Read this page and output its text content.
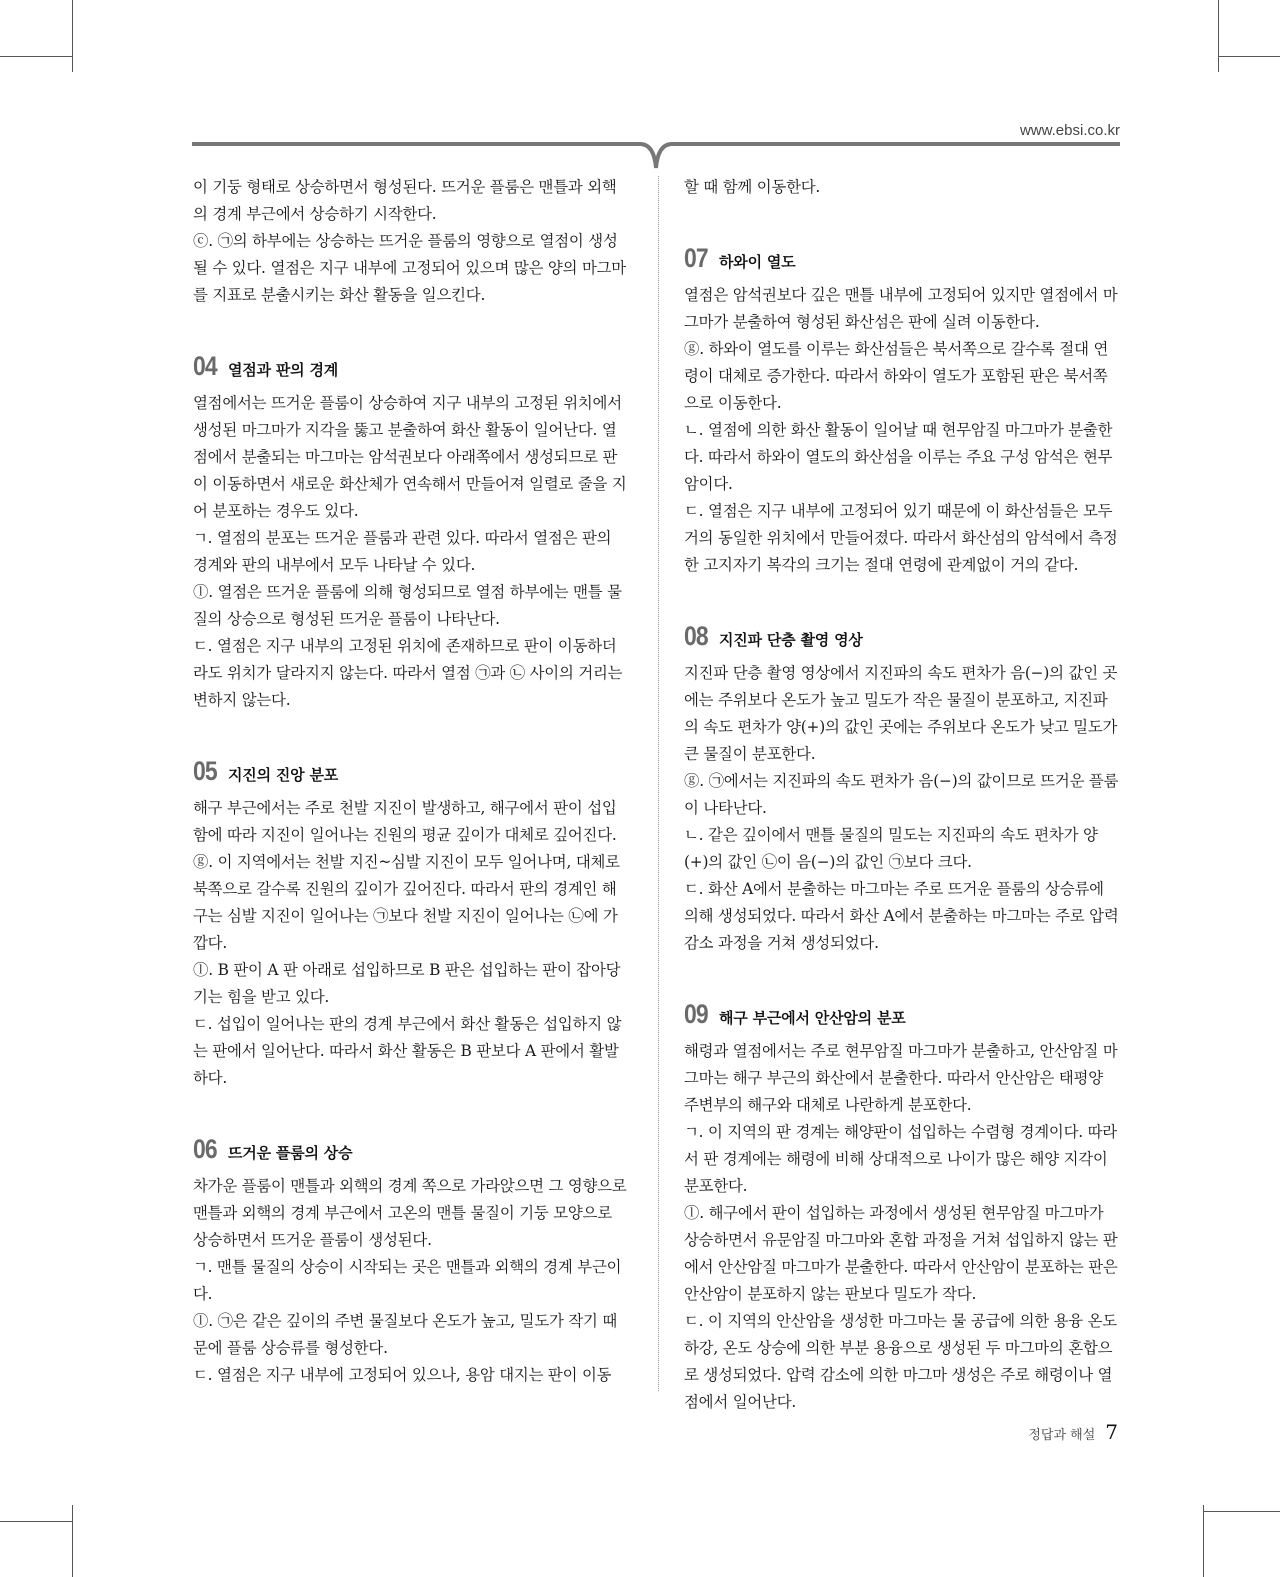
www.ebsi.co.kr

이 기둥 형태로 상승하면서 형성된다. 뜨거운 플룸은 맨틀과 외핵의 경계 부근에서 상승하기 시작한다.

ⓒ. ㉠의 하부에는 상승하는 뜨거운 플룸의 영향으로 열점이 생성될 수 있다. 열점은 지구 내부에 고정되어 있으며 많은 양의 마그마를 지표로 분출시키는 화산 활동을 일으킨다.

04 열점과 판의 경계

열점에서는 뜨거운 플룸이 상승하여 지구 내부의 고정된 위치에서 생성된 마그마가 지각을 뚫고 분출하여 화산 활동이 일어난다. 열점에서 분출되는 마그마는 암석권보다 아래쪽에서 생성되므로 판이 이동하면서 새로운 화산체가 연속해서 만들어져 일렬로 줄을 지어 분포하는 경우도 있다.

ㄱ. 열점의 분포는 뜨거운 플룸과 관련 있다. 따라서 열점은 판의 경계와 판의 내부에서 모두 나타날 수 있다.

ⓛ. 열점은 뜨거운 플룸에 의해 형성되므로 열점 하부에는 맨틀 물질의 상승으로 형성된 뜨거운 플룸이 나타난다.

ㄷ. 열점은 지구 내부의 고정된 위치에 존재하므로 판이 이동하더라도 위치가 달라지지 않는다. 따라서 열점 ㉠과 ㉡ 사이의 거리는 변하지 않는다.

05 지진의 진앙 분포

해구 부근에서는 주로 천발 지진이 발생하고, 해구에서 판이 섭입함에 따라 지진이 일어나는 진원의 평균 깊이가 대체로 깊어진다.

ⓖ. 이 지역에서는 천발 지진~심발 지진이 모두 일어나며, 대체로 북쪽으로 갈수록 진원의 깊이가 깊어진다. 따라서 판의 경계인 해구는 심발 지진이 일어나는 ㉠보다 천발 지진이 일어나는 ㉡에 가깝다.

ⓛ. B 판이 A 판 아래로 섭입하므로 B 판은 섭입하는 판이 잡아당기는 힘을 받고 있다.

ㄷ. 섭입이 일어나는 판의 경계 부근에서 화산 활동은 섭입하지 않는 판에서 일어난다. 따라서 화산 활동은 B 판보다 A 판에서 활발하다.

06 뜨거운 플룸의 상승

차가운 플룸이 맨틀과 외핵의 경계 쪽으로 가라앉으면 그 영향으로 맨틀과 외핵의 경계 부근에서 고온의 맨틀 물질이 기둥 모양으로 상승하면서 뜨거운 플룸이 생성된다.

ㄱ. 맨틀 물질의 상승이 시작되는 곳은 맨틀과 외핵의 경계 부근이다.

ⓛ. ㉠은 같은 깊이의 주변 물질보다 온도가 높고, 밀도가 작기 때문에 플룸 상승류를 형성한다.

ㄷ. 열점은 지구 내부에 고정되어 있으나, 용암 대지는 판이 이동

할 때 함께 이동한다.

07 하와이 열도

열점은 암석권보다 깊은 맨틀 내부에 고정되어 있지만 열점에서 마그마가 분출하여 형성된 화산섬은 판에 실려 이동한다.

ⓖ. 하와이 열도를 이루는 화산섬들은 북서쪽으로 갈수록 절대 연령이 대체로 증가한다. 따라서 하와이 열도가 포함된 판은 북서쪽으로 이동한다.

ㄴ. 열점에 의한 화산 활동이 일어날 때 현무암질 마그마가 분출한다. 따라서 하와이 열도의 화산섬을 이루는 주요 구성 암석은 현무암이다.

ㄷ. 열점은 지구 내부에 고정되어 있기 때문에 이 화산섬들은 모두 거의 동일한 위치에서 만들어졌다. 따라서 화산섬의 암석에서 측정한 고지자기 복각의 크기는 절대 연령에 관계없이 거의 같다.

08 지진파 단층 촬영 영상

지진파 단층 촬영 영상에서 지진파의 속도 편차가 음(−)의 값인 곳에는 주위보다 온도가 높고 밀도가 작은 물질이 분포하고, 지진파의 속도 편차가 양(+)의 값인 곳에는 주위보다 온도가 낮고 밀도가 큰 물질이 분포한다.

ⓖ. ㉠에서는 지진파의 속도 편차가 음(−)의 값이므로 뜨거운 플룸이 나타난다.

ㄴ. 같은 깊이에서 맨틀 물질의 밀도는 지진파의 속도 편차가 양(+)의 값인 ㉡이 음(−)의 값인 ㉠보다 크다.

ㄷ. 화산 A에서 분출하는 마그마는 주로 뜨거운 플룸의 상승류에 의해 생성되었다. 따라서 화산 A에서 분출하는 마그마는 주로 압력 감소 과정을 거쳐 생성되었다.

09 해구 부근에서 안산암의 분포

해령과 열점에서는 주로 현무암질 마그마가 분출하고, 안산암질 마그마는 해구 부근의 화산에서 분출한다. 따라서 안산암은 태평양 주변부의 해구와 대체로 나란하게 분포한다.

ㄱ. 이 지역의 판 경계는 해양판이 섭입하는 수렴형 경계이다. 따라서 판 경계에는 해령에 비해 상대적으로 나이가 많은 해양 지각이 분포한다.

ⓛ. 해구에서 판이 섭입하는 과정에서 생성된 현무암질 마그마가 상승하면서 유문암질 마그마와 혼합 과정을 거쳐 섭입하지 않는 판에서 안산암질 마그마가 분출한다. 따라서 안산암이 분포하는 판은 안산암이 분포하지 않는 판보다 밀도가 작다.

ㄷ. 이 지역의 안산암을 생성한 마그마는 물 공급에 의한 용융 온도 하강, 온도 상승에 의한 부분 용융으로 생성된 두 마그마의 혼합으로 생성되었다. 압력 감소에 의한 마그마 생성은 주로 해령이나 열점에서 일어난다.

정답과 해설 7
